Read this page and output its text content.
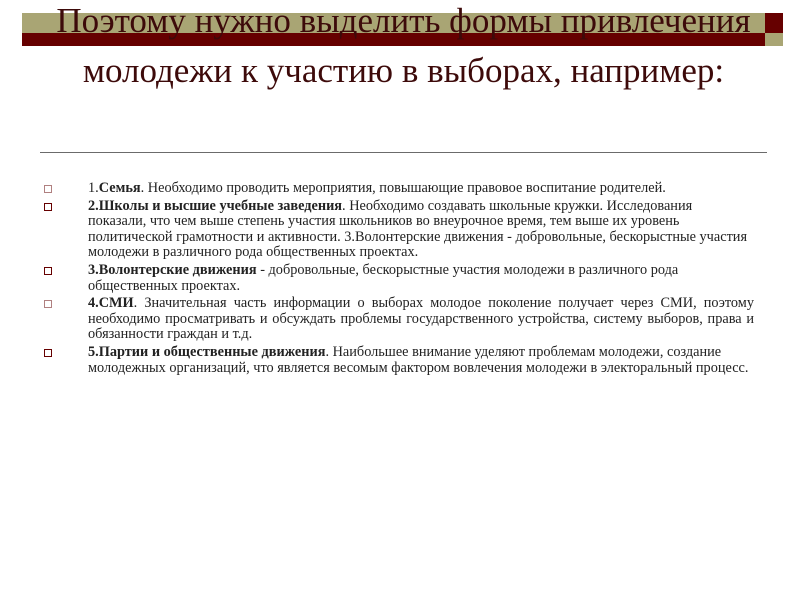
Поэтому нужно выделить формы привлечения молодежи к участию в выборах, например:
1.Семья. Необходимо проводить мероприятия, повышающие правовое воспитание родителей.
2.Школы и высшие учебные заведения. Необходимо создавать школьные кружки. Исследования показали, что чем выше степень участия школьников во внеурочное время, тем выше их уровень политической грамотности и активности. 3.Волонтерские движения - добровольные, бескорыстные участия молодежи в различного рода общественных проектах.
3.Волонтерские движения - добровольные, бескорыстные участия молодежи в различного рода общественных проектах.
4.СМИ. Значительная часть информации о выборах молодое поколение получает через СМИ, поэтому необходимо просматривать и обсуждать проблемы государственного устройства, систему выборов, права и обязанности граждан и т.д.
5.Партии и общественные движения. Наибольшее внимание уделяют проблемам молодежи, создание молодежных организаций, что является весомым фактором вовлечения молодежи в электоральный процесс.
